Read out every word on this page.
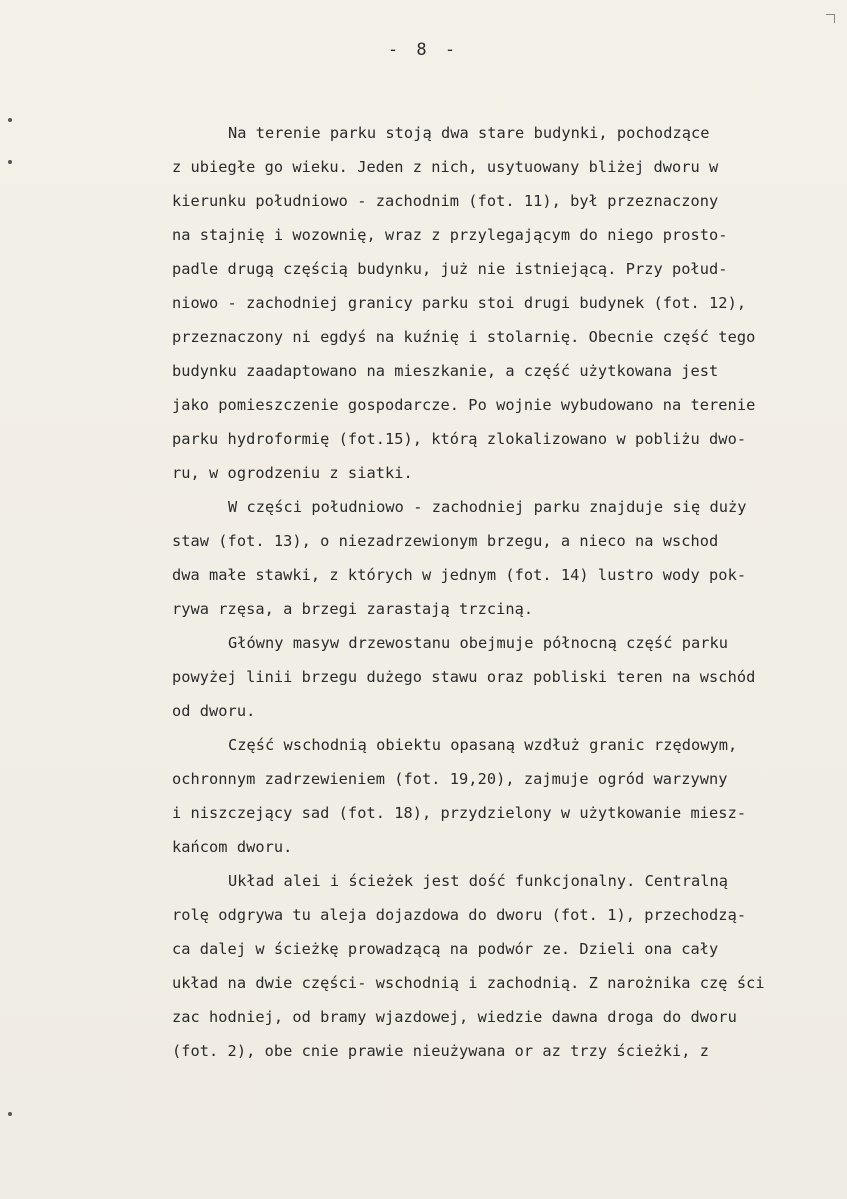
- 8 -
Na terenie parku stoją dwa stare budynki, pochodzące
z ubiegłe go wieku. Jeden z nich, usytuowany bliżej dworu w
kierunku południowo - zachodnim (fot. 11), był przeznaczony
na stajnię i wozownię, wraz z przylegającym do niego prosto-
padle drugą częścią budynku, już nie istniejącą. Przy połud-
niowo - zachodniej granicy parku stoi drugi budynek (fot. 12),
przeznaczony ni egdyś na kuźnię i stolarnię. Obecnie część tego
budynku zaadaptowano na mieszkanie, a część użytkowana jest
jako pomieszczenie gospodarcze. Po wojnie wybudowano na terenie
parku hydroformię (fot.15), którą zlokalizowano w pobliżu dwo-
ru, w ogrodzeniu z siatki.
W części południowo - zachodniej parku znajduje się duży
staw (fot. 13), o niezadrzewionym brzegu, a nieco na wschod
dwa małe stawki, z których w jednym (fot. 14) lustro wody pok-
rywa rzęsa, a brzegi zarastają trzciną.
Główny masyw drzewostanu obejmuje północną część parku
powyżej linii brzegu dużego stawu oraz pobliski teren na wschód
od dworu.
Część wschodnią obiektu opasaną wzdłuż granic rzędowym,
ochronnym zadrzewieniem (fot. 19,20), zajmuje ogród warzywny
i niszczejący sad (fot. 18), przydzielony w użytkowanie miesz-
kańcom dworu.
Układ alei i ścieżek jest dość funkcjonalny. Centralną
rolę odgrywa tu aleja dojazdowa do dworu (fot. 1), przechodzą-
ca dalej w ścieżkę prowadzącą na podwór ze. Dzieli ona cały
układ na dwie części- wschodnią i zachodnią. Z narożnika czę ści
zac hodniej, od bramy wjazdowej, wiedzie dawna droga do dworu
(fot. 2), obe cnie prawie nieużywana or az trzy ścieżki, z
